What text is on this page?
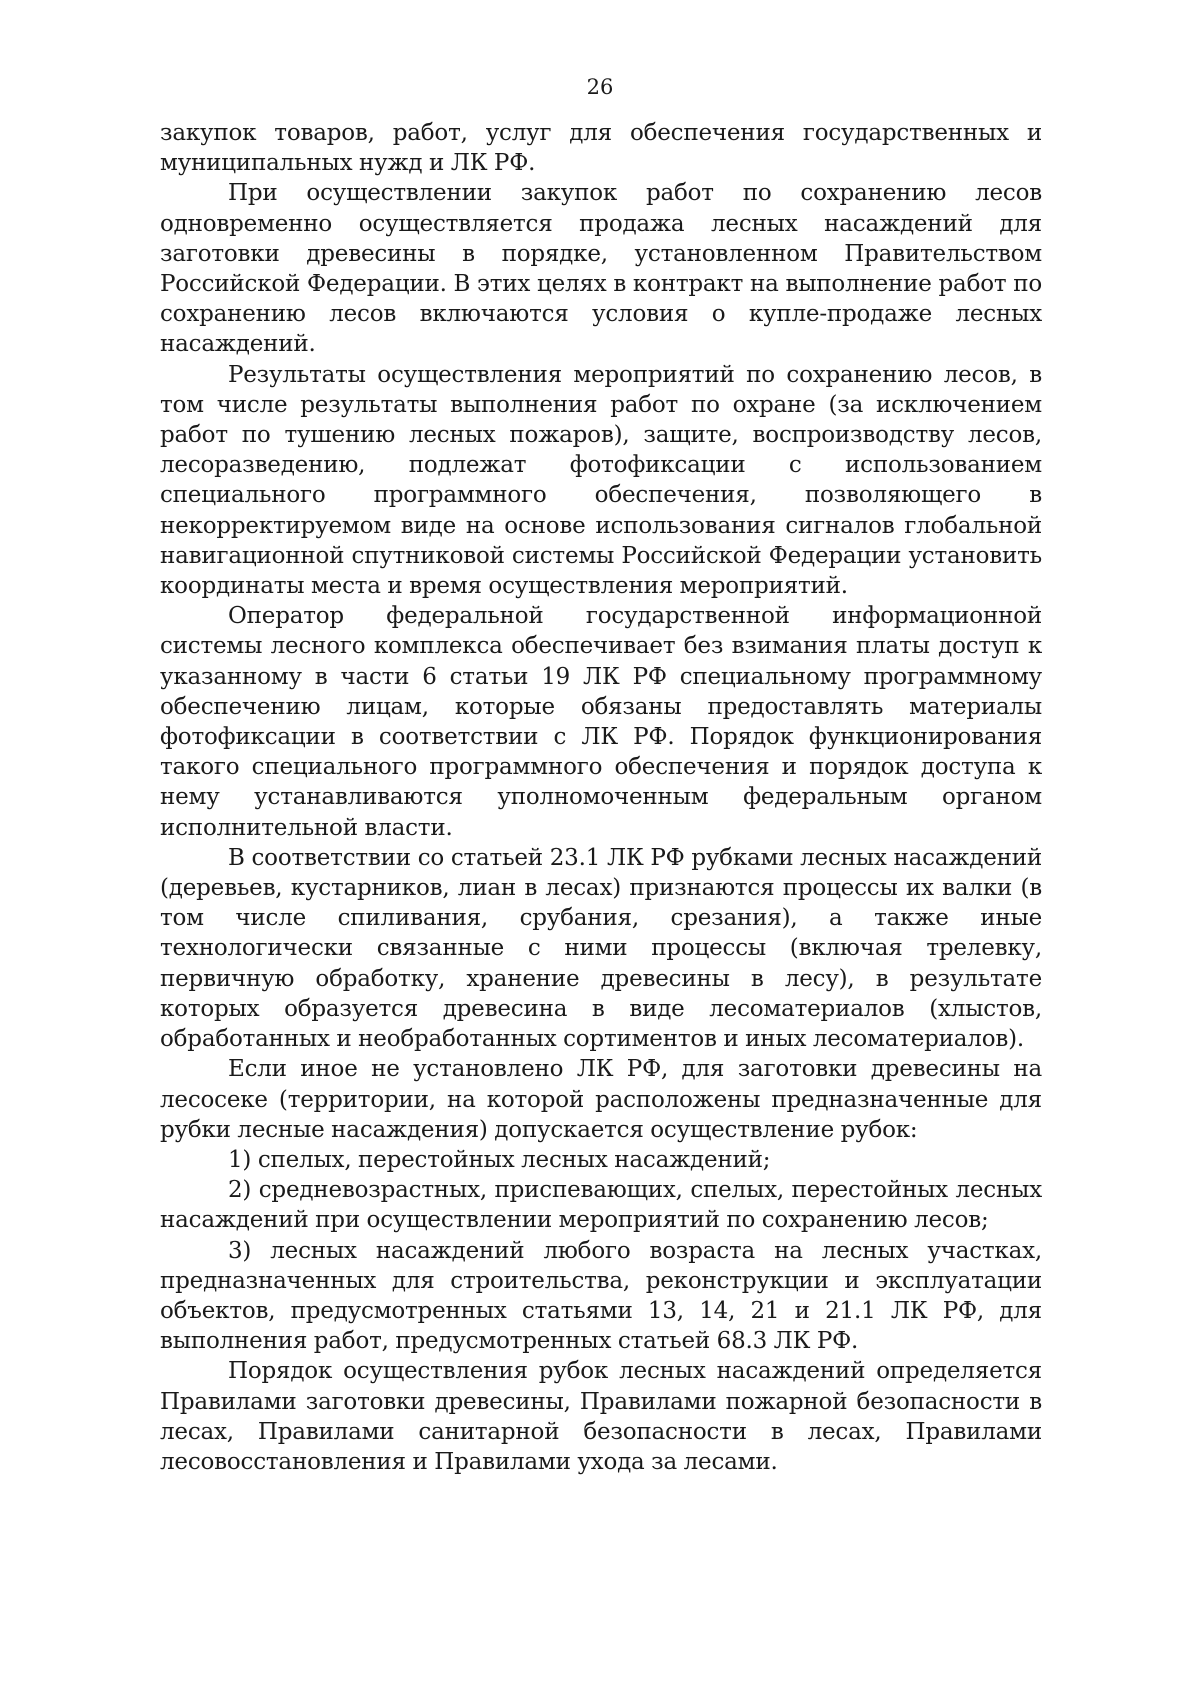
26

закупок товаров, работ, услуг для обеспечения государственных и муниципальных нужд и ЛК РФ.

При осуществлении закупок работ по сохранению лесов одновременно осуществляется продажа лесных насаждений для заготовки древесины в порядке, установленном Правительством Российской Федерации. В этих целях в контракт на выполнение работ по сохранению лесов включаются условия о купле-продаже лесных насаждений.

Результаты осуществления мероприятий по сохранению лесов, в том числе результаты выполнения работ по охране (за исключением работ по тушению лесных пожаров), защите, воспроизводству лесов, лесоразведению, подлежат фотофиксации с использованием специального программного обеспечения, позволяющего в некорректируемом виде на основе использования сигналов глобальной навигационной спутниковой системы Российской Федерации установить координаты места и время осуществления мероприятий.

Оператор федеральной государственной информационной системы лесного комплекса обеспечивает без взимания платы доступ к указанному в части 6 статьи 19 ЛК РФ специальному программному обеспечению лицам, которые обязаны предоставлять материалы фотофиксации в соответствии с ЛК РФ. Порядок функционирования такого специального программного обеспечения и порядок доступа к нему устанавливаются уполномоченным федеральным органом исполнительной власти.

В соответствии со статьей 23.1 ЛК РФ рубками лесных насаждений (деревьев, кустарников, лиан в лесах) признаются процессы их валки (в том числе спиливания, срубания, срезания), а также иные технологически связанные с ними процессы (включая трелевку, первичную обработку, хранение древесины в лесу), в результате которых образуется древесина в виде лесоматериалов (хлыстов, обработанных и необработанных сортиментов и иных лесоматериалов).

Если иное не установлено ЛК РФ, для заготовки древесины на лесосеке (территории, на которой расположены предназначенные для рубки лесные насаждения) допускается осуществление рубок:

1) спелых, перестойных лесных насаждений;

2) средневозрастных, приспевающих, спелых, перестойных лесных насаждений при осуществлении мероприятий по сохранению лесов;

3) лесных насаждений любого возраста на лесных участках, предназначенных для строительства, реконструкции и эксплуатации объектов, предусмотренных статьями 13, 14, 21 и 21.1 ЛК РФ, для выполнения работ, предусмотренных статьей 68.3 ЛК РФ.

Порядок осуществления рубок лесных насаждений определяется Правилами заготовки древесины, Правилами пожарной безопасности в лесах, Правилами санитарной безопасности в лесах, Правилами лесовосстановления и Правилами ухода за лесами.
